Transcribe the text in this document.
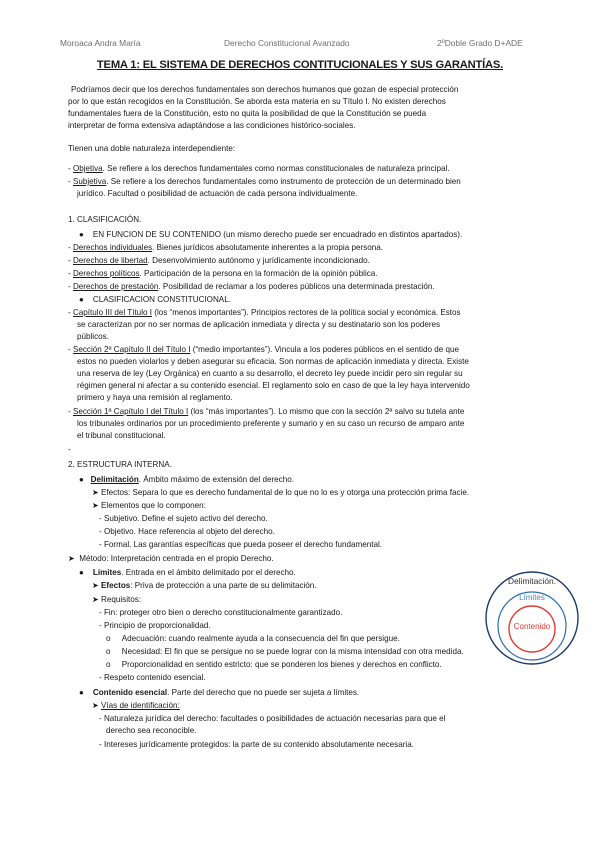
Moroaca Andra María	Derecho Constitucional Avanzado	2ºDoble Grado D+ADE
TEMA 1: EL SISTEMA DE DERECHOS CONTITUCIONALES Y SUS GARANTÍAS.
Podríamos decir que los derechos fundamentales son derechos humanos que gozan de especial protección
por lo que están recogidos en la Constitución. Se aborda esta materia en su Título I. No existen derechos
fundamentales fuera de la Constitución, esto no quita la posibilidad de que la Constitución se pueda
interpretar de forma extensiva adaptándose a las condiciones histórico-sociales.
Tienen una doble naturaleza interdependiente:
- Objetiva. Se refiere a los derechos fundamentales como normas constitucionales de naturaleza principal.
- Subjetiva. Se refiere a los derechos fundamentales como instrumento de protección de un determinado bien
jurídico. Facultad o posibilidad de actuación de cada persona individualmente.
1. CLASIFICACIÓN.
● EN FUNCION DE SU CONTENIDO (un mismo derecho puede ser encuadrado en distintos apartados).
- Derechos individuales. Bienes jurídicos absolutamente inherentes a la propia persona.
- Derechos de libertad. Desenvolvimiento autónomo y jurídicamente incondicionado.
- Derechos políticos. Participación de la persona en la formación de la opinión pública.
- Derechos de prestación. Posibilidad de reclamar a los poderes públicos una determinada prestación.
● CLASIFICACION CONSTITUCIONAL.
- Capítulo III del Título I (los “menos importantes”). Principios rectores de la política social y económica. Estos
se caracterizan por no ser normas de aplicación inmediata y directa y su destinatario son los poderes
públicos.
- Sección 2ª Capítulo II del Título I (“medio importantes”). Vincula a los poderes públicos en el sentido de que
estos no pueden violarlos y deben asegurar su eficacia. Son normas de aplicación inmediata y directa. Existe
una reserva de ley (Ley Orgánica) en cuanto a su desarrollo, el decreto ley puede incidir pero sin regular su
régimen general ni afectar a su contenido esencial. El reglamento solo en caso de que la ley haya intervenido
primero y haya una remisión al reglamento.
- Sección 1ª Capítulo I del Título I (los “más importantes”). Lo mismo que con la sección 2ª salvo su tutela ante
los tribunales ordinarios por un procedimiento preferente y sumario y en su caso un recurso de amparo ante
el tribunal constitucional.
-
2. ESTRUCTURA INTERNA.
● Delimitación. Ámbito máximo de extensión del derecho.
➤ Efectos: Separa lo que es derecho fundamental de lo que no lo es y otorga una protección prima facie.
➤ Elementos que lo componen:
- Subjetivo. Define el sujeto activo del derecho.
- Objetivo. Hace referencia al objeto del derecho.
- Formal. Las garantías específicas que pueda poseer el derecho fundamental.
➤  Método: Interpretación centrada en el propio Derecho.
● Límites. Entrada en el ámbito delimitado por el derecho.
➤ Efectos: Priva de protección a una parte de su delimitación.
➤ Requisitos:
- Fin: proteger otro bien o derecho constitucionalmente garantizado.
- Principio de proporcionalidad.
o Adecuación: cuando realmente ayuda a la consecuencia del fin que persigue.
o Necesidad: El fin que se persigue no se puede lograr con la misma intensidad con otra medida.
o Proporcionalidad en sentido estricto: que se ponderen los bienes y derechos en conflicto.
- Respeto contenido esencial.
● Contenido esencial. Parte del derecho que no puede ser sujeta a límites.
➤ Vías de identificación:
- Naturaleza jurídica del derecho: facultades o posibilidades de actuación necesarias para que el
derecho sea reconocible.
- Intereses jurídicamente protegidos: la parte de su contenido absolutamente necesaria.
Delimitación.
Límites
Contenido
